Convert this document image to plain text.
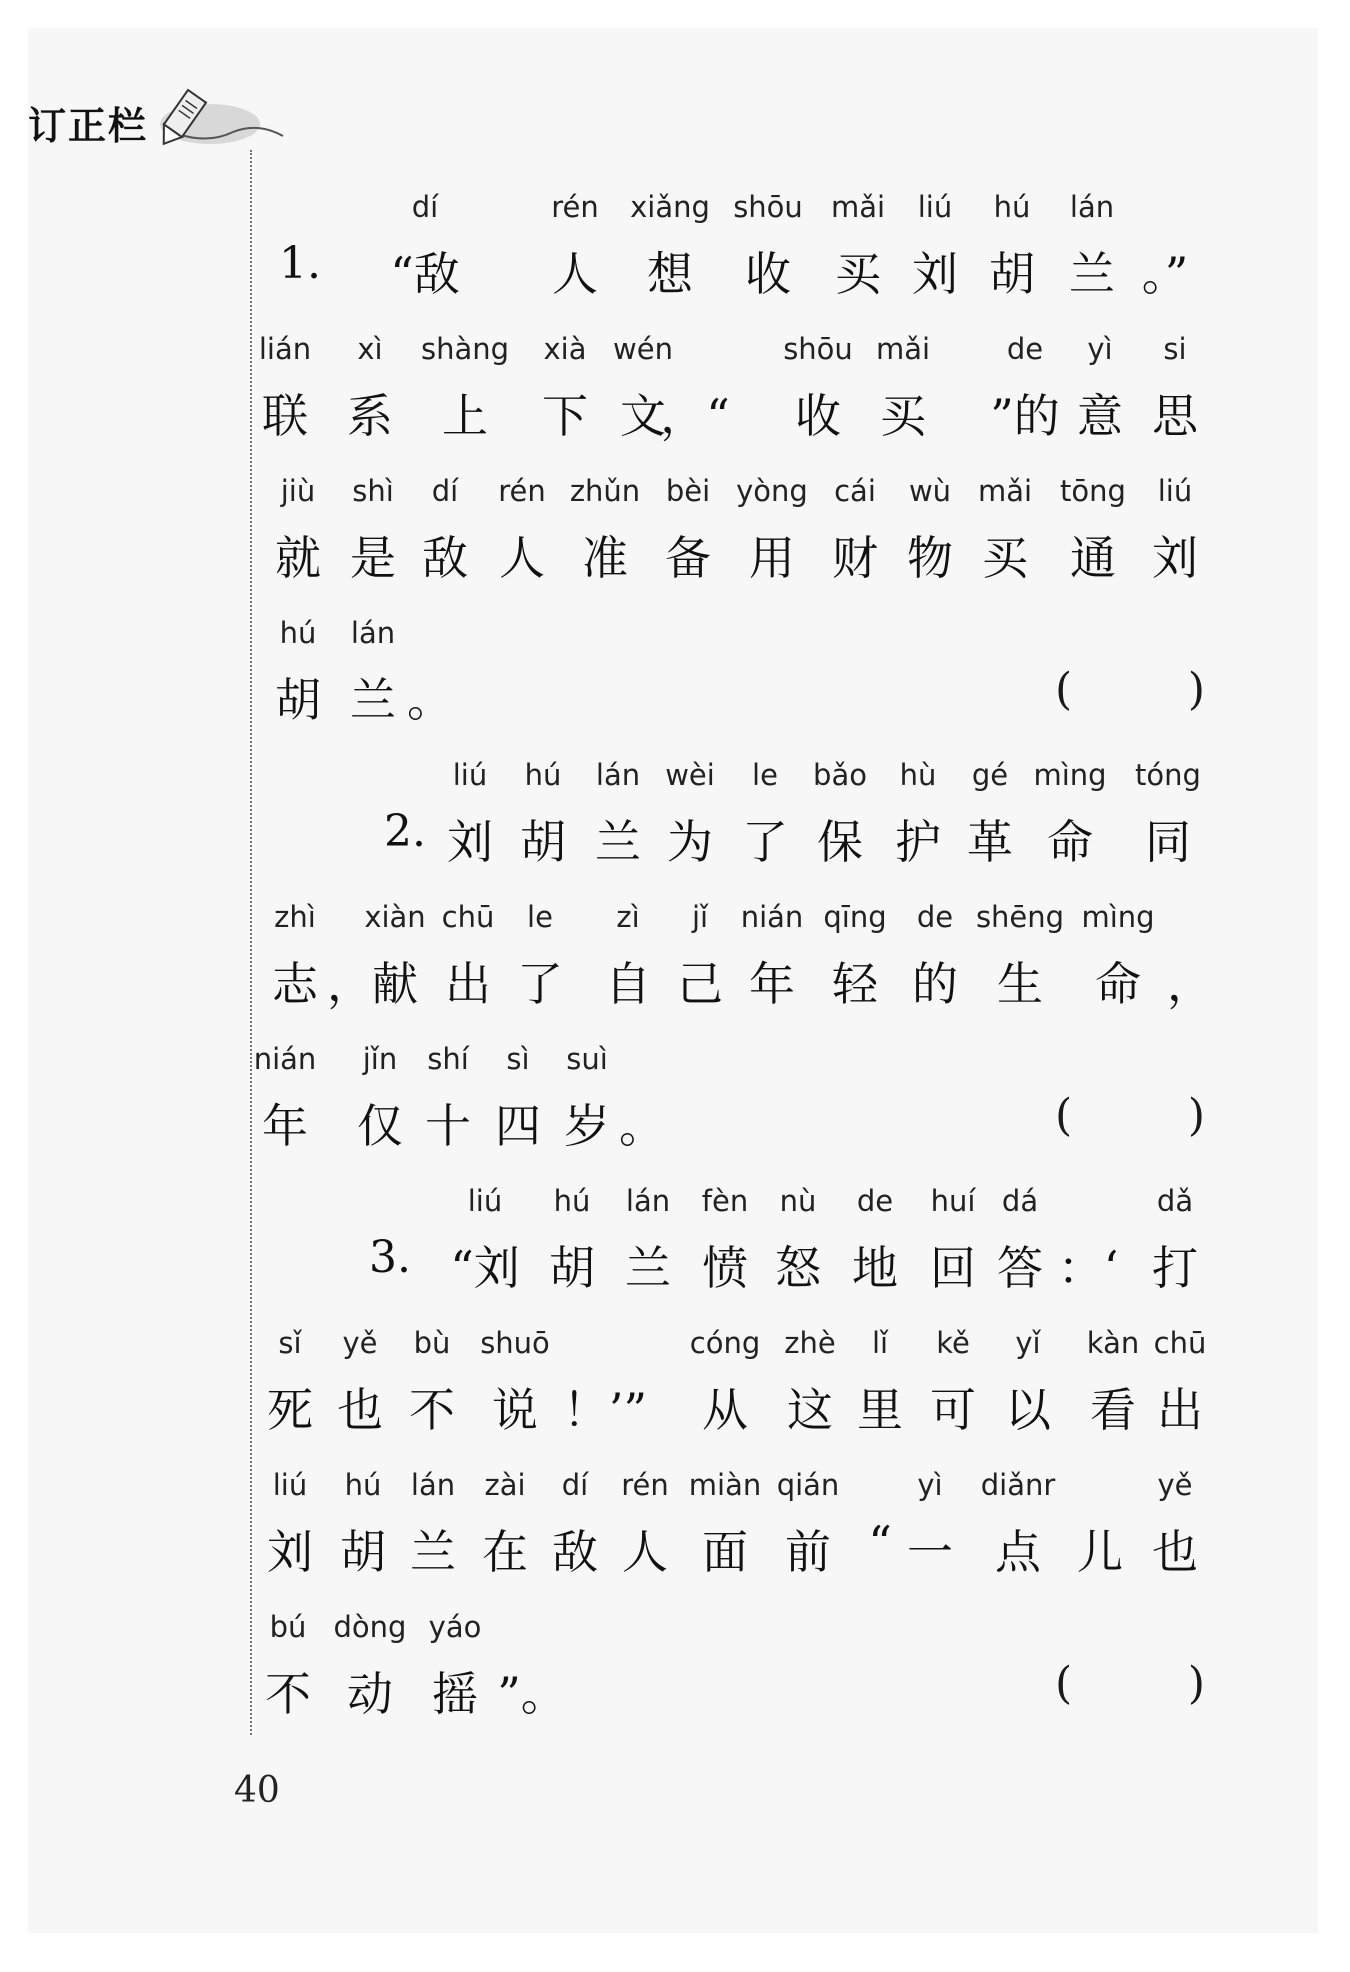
订正栏
1.
dí
“敌
rén
人
xiǎng
想
shōu
收
mǎi
买
liú
刘
hú
胡
lán
兰 。”
lián
联
xì
系
shàng
上
xià
下
wén
文
，“
shōu
收
mǎi
买
de
”的
yì
意
si
思
jiù
就
shì
是
dí
敌
rén
人
zhǔn
准
bèi
备
yòng
用
cái
财
wù
物
mǎi
买
tōng
通
liú
刘
hú
胡
lán
兰 。	(	)
2.
liú
刘
hú
胡
lán
兰
wèi
为
le
了
bǎo
保
hù
护
gé
革
mìng
命
tóng
同
zhì
志 ，
xiàn
献
chū
出
le
了
zì
自
jǐ
己
nián
年
qīng
轻
de
的
shēng
生
mìng
命 ，
nián
年
jǐn
仅
shí
十
sì
四
suì
岁 。	(	)
3.
liú
“刘
hú
胡
lán
兰
fèn
愤
nù
怒
de
地
huí
回
dá
答 ：‘
dǎ
打
sǐ
死
yě
也
bù
不
shuō
说 ！’”
cóng
从
zhè
这
lǐ
里
kě
可
yǐ
以
kàn
看
chū
出
liú
刘
hú
胡
lán
兰
zài
在
dí
敌
rén
人
miàn
面
qián
前 “
yì
一
diǎnr
点 儿
yě
也
bú
不
dòng
动
yáo
摇 ”。	(	)
40
